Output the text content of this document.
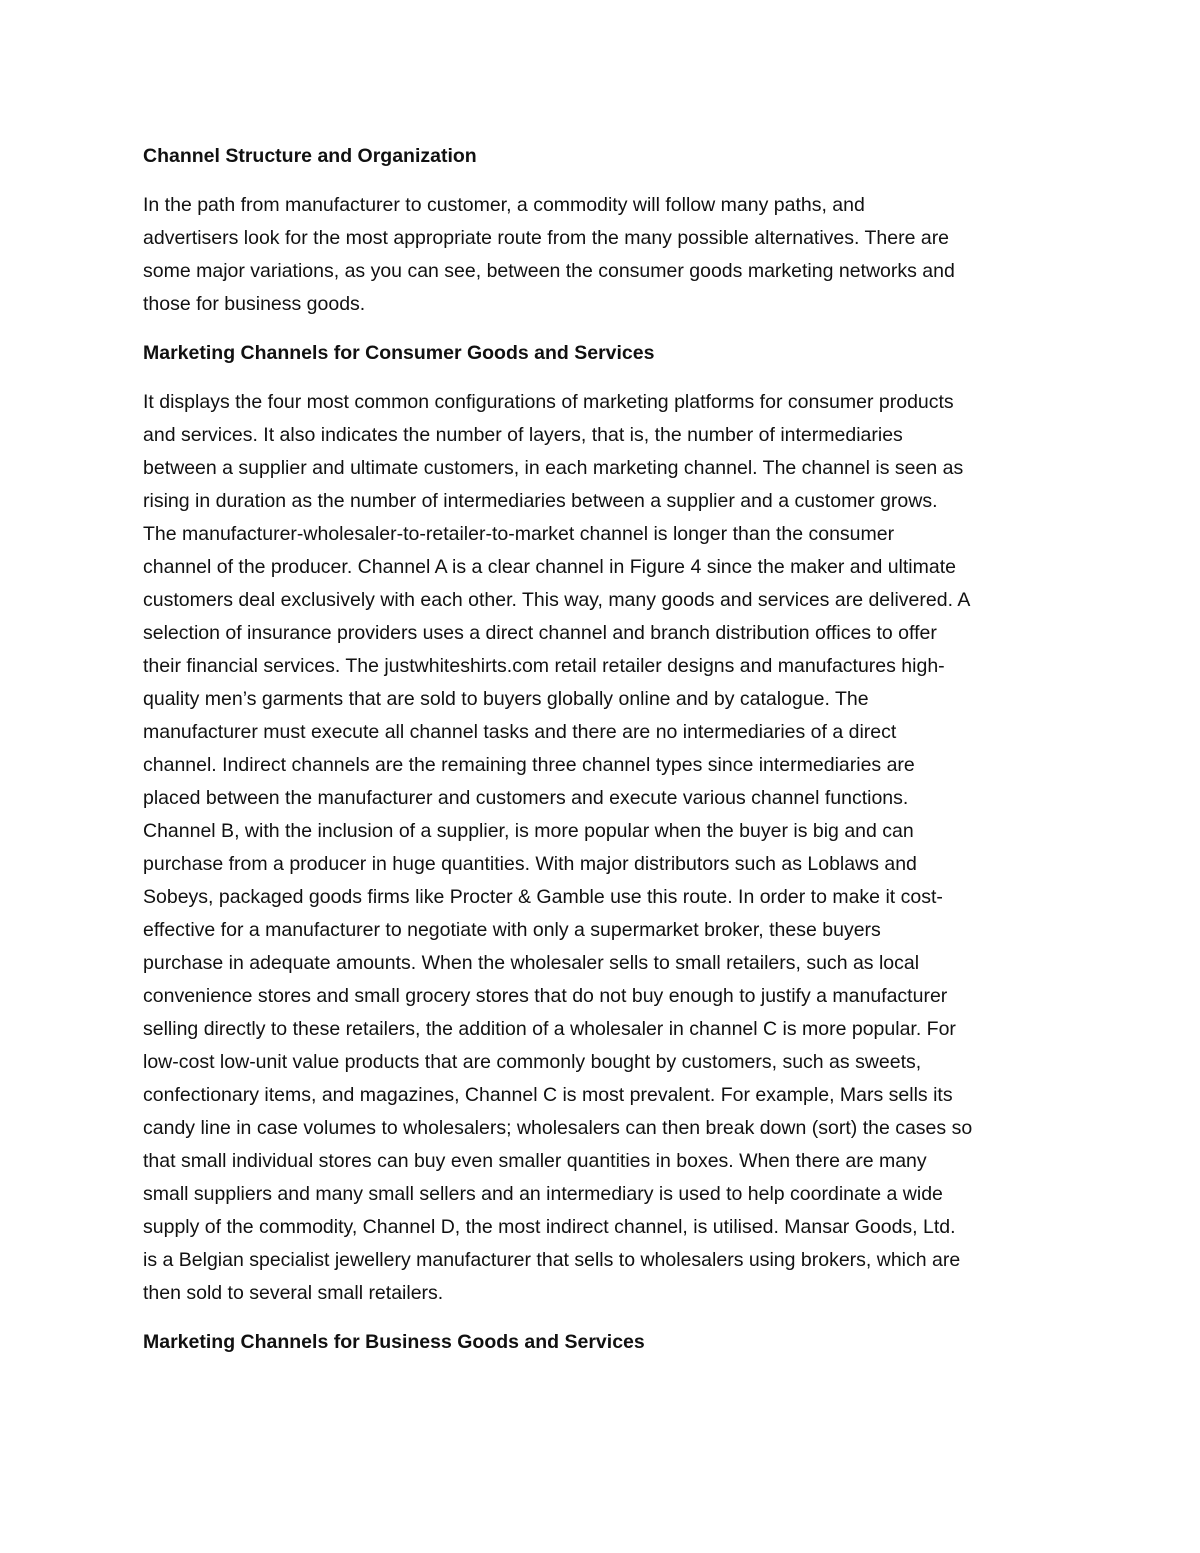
Channel Structure and Organization
In the path from manufacturer to customer, a commodity will follow many paths, and
advertisers look for the most appropriate route from the many possible alternatives. There are
some major variations, as you can see, between the consumer goods marketing networks and
those for business goods.
Marketing Channels for Consumer Goods and Services
It displays the four most common configurations of marketing platforms for consumer products
and services. It also indicates the number of layers, that is, the number of intermediaries
between a supplier and ultimate customers, in each marketing channel. The channel is seen as
rising in duration as the number of intermediaries between a supplier and a customer grows.
The manufacturer-wholesaler-to-retailer-to-market channel is longer than the consumer
channel of the producer. Channel A is a clear channel in Figure 4 since the maker and ultimate
customers deal exclusively with each other. This way, many goods and services are delivered. A
selection of insurance providers uses a direct channel and branch distribution offices to offer
their financial services. The justwhiteshirts.com retail retailer designs and manufactures high-
quality men’s garments that are sold to buyers globally online and by catalogue. The
manufacturer must execute all channel tasks and there are no intermediaries of a direct
channel. Indirect channels are the remaining three channel types since intermediaries are
placed between the manufacturer and customers and execute various channel functions.
Channel B, with the inclusion of a supplier, is more popular when the buyer is big and can
purchase from a producer in huge quantities. With major distributors such as Loblaws and
Sobeys, packaged goods firms like Procter & Gamble use this route. In order to make it cost-
effective for a manufacturer to negotiate with only a supermarket broker, these buyers
purchase in adequate amounts. When the wholesaler sells to small retailers, such as local
convenience stores and small grocery stores that do not buy enough to justify a manufacturer
selling directly to these retailers, the addition of a wholesaler in channel C is more popular. For
low-cost low-unit value products that are commonly bought by customers, such as sweets,
confectionary items, and magazines, Channel C is most prevalent. For example, Mars sells its
candy line in case volumes to wholesalers; wholesalers can then break down (sort) the cases so
that small individual stores can buy even smaller quantities in boxes. When there are many
small suppliers and many small sellers and an intermediary is used to help coordinate a wide
supply of the commodity, Channel D, the most indirect channel, is utilised. Mansar Goods, Ltd.
is a Belgian specialist jewellery manufacturer that sells to wholesalers using brokers, which are
then sold to several small retailers.
Marketing Channels for Business Goods and Services
